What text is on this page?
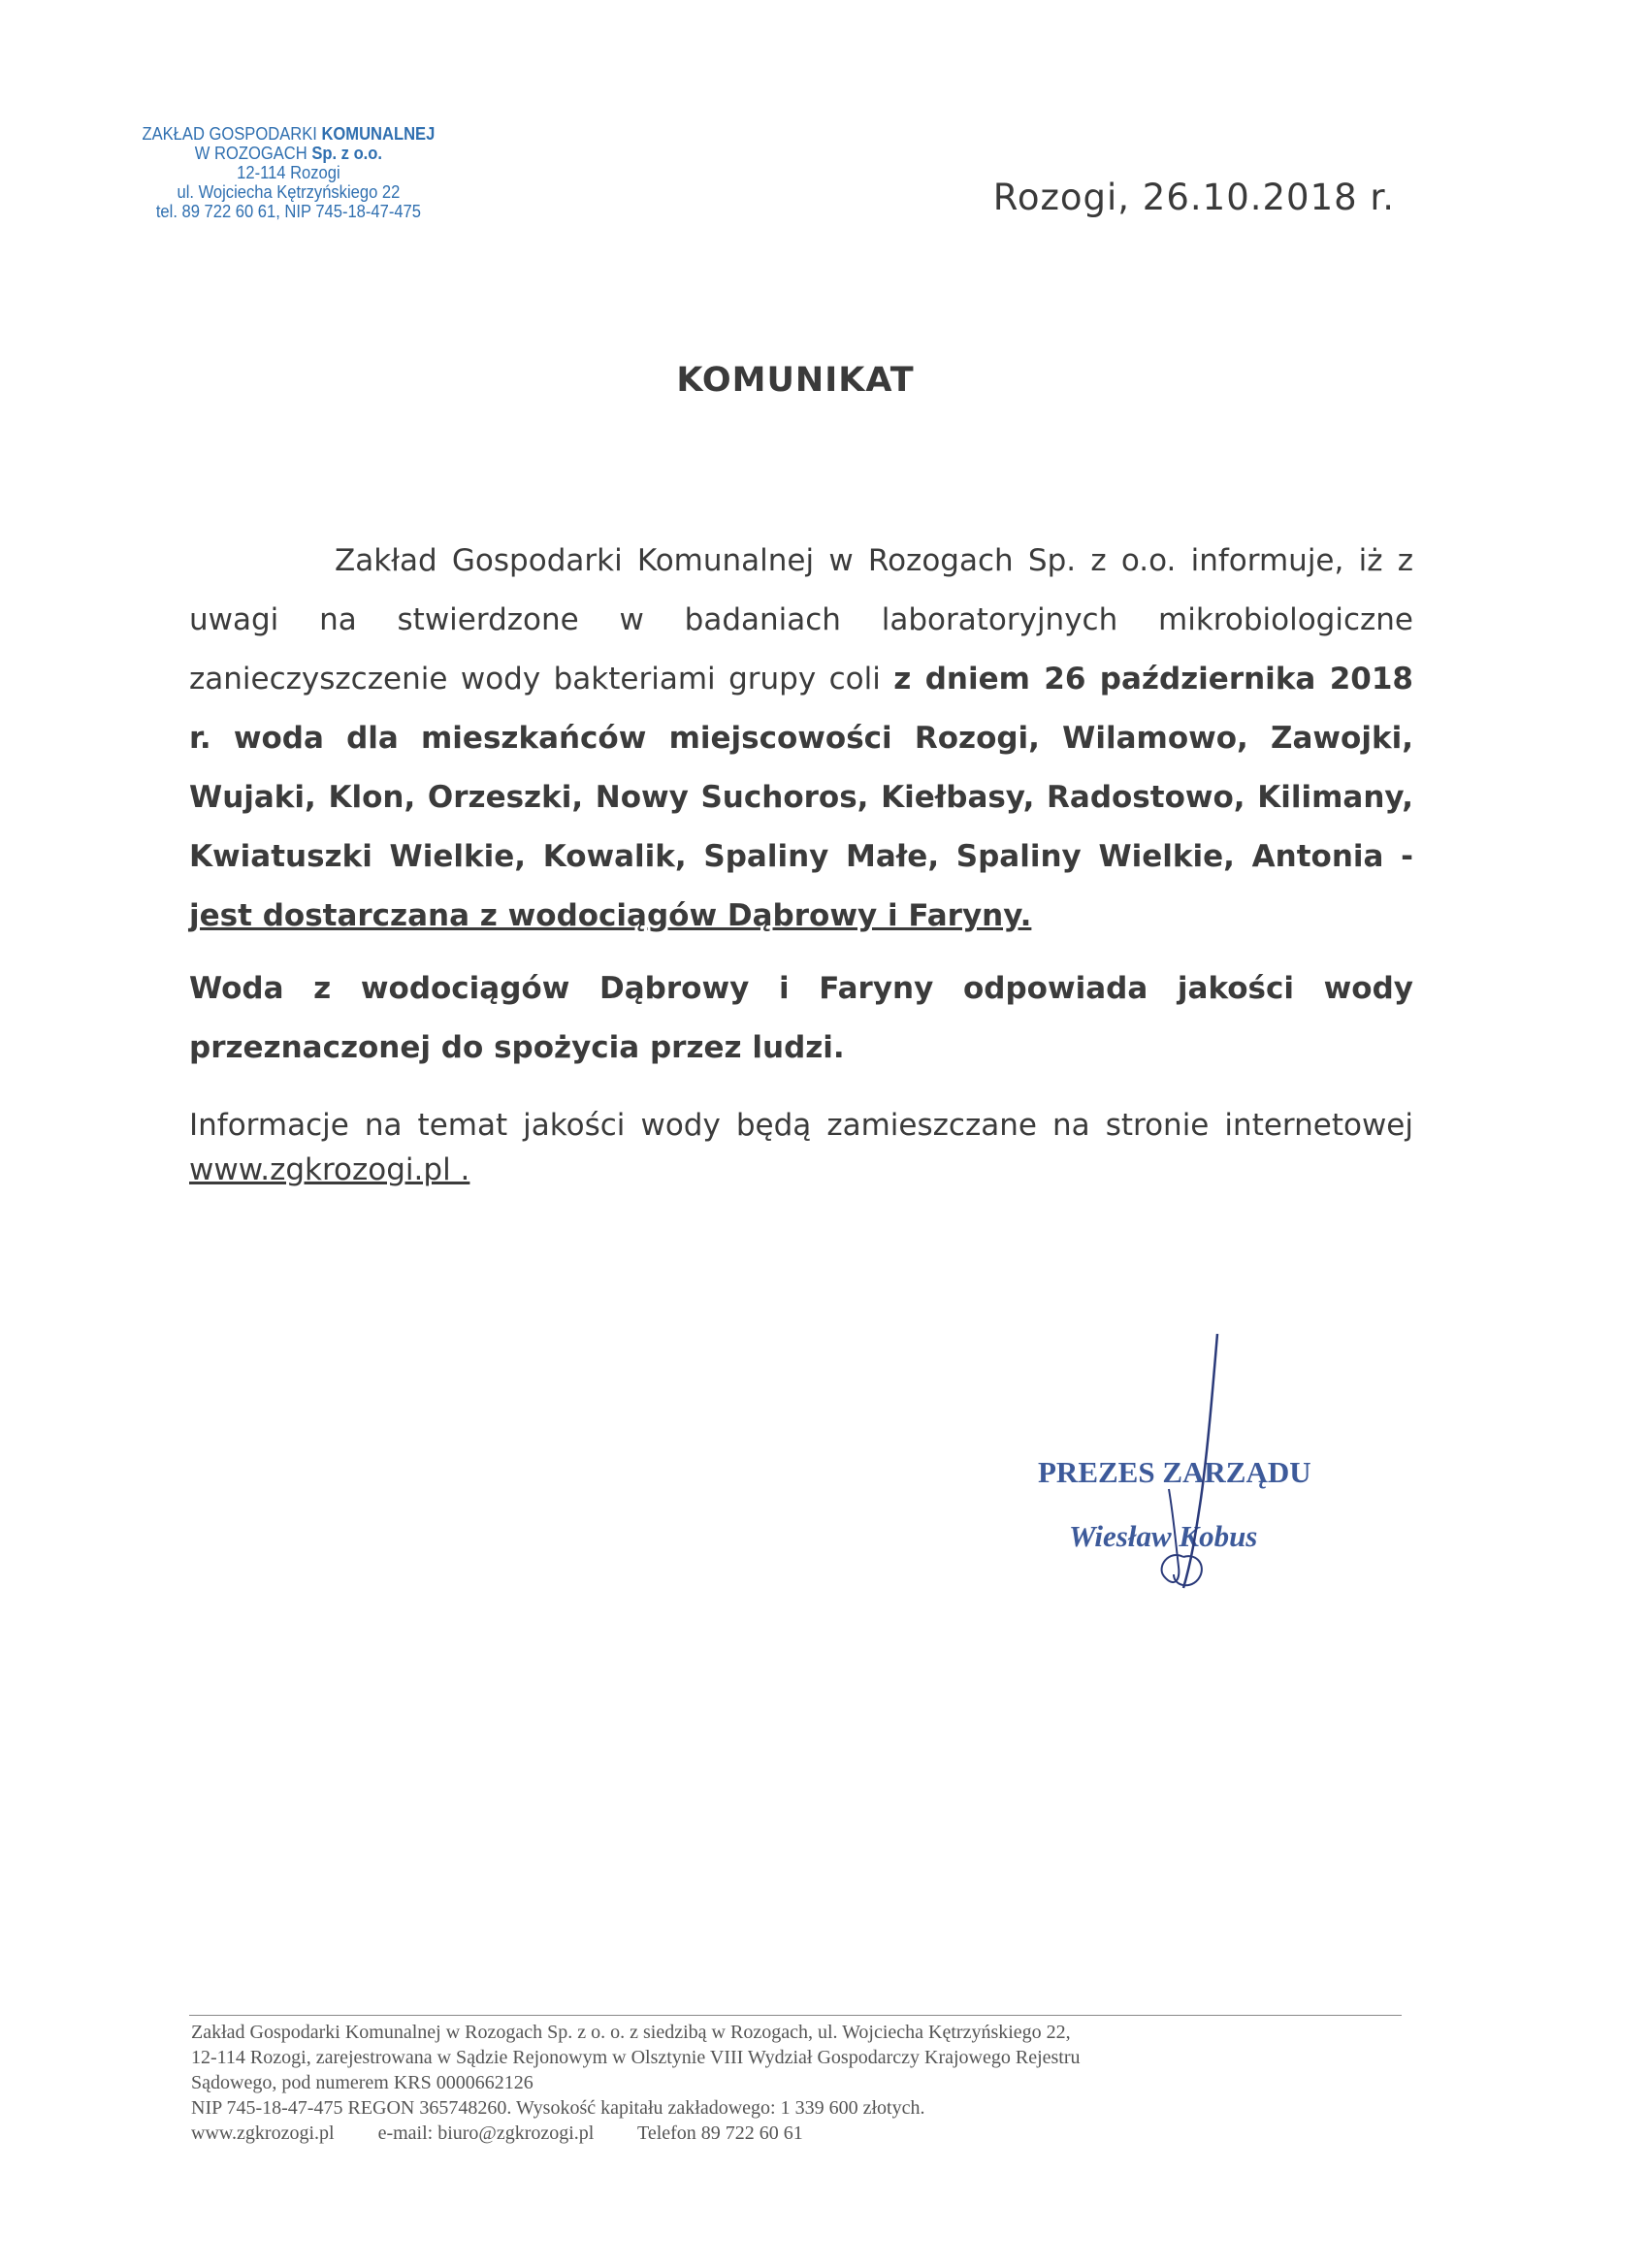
ZAKŁAD GOSPODARKI KOMUNALNEJ
W ROZOGACH Sp. z o.o.
12-114 Rozogi
ul. Wojciecha Kętrzyńskiego 22
tel. 89 722 60 61, NIP 745-18-47-475	Rozogi, 26.10.2018 r.
KOMUNIKAT

Zakład Gospodarki Komunalnej w Rozogach Sp. z o.o. informuje, iż z uwagi na stwierdzone w badaniach laboratoryjnych mikrobiologiczne zanieczyszczenie wody bakteriami grupy coli z dniem 26 października 2018 r. woda dla mieszkańców miejscowości Rozogi, Wilamowo, Zawojki, Wujaki, Klon, Orzeszki, Nowy Suchoros, Kiełbasy, Radostowo, Kilimany, Kwiatuszki Wielkie, Kowalik, Spaliny Małe, Spaliny Wielkie, Antonia - jest dostarczana z wodociągów Dąbrowy i Faryny.

Woda z wodociągów Dąbrowy i Faryny odpowiada jakości wody przeznaczonej do spożycia przez ludzi.

Informacje na temat jakości wody będą zamieszczane na stronie internetowej www.zgkrozogi.pl .

PREZES ZARZĄDU
Wiesław Kobus
Zakład Gospodarki Komunalnej w Rozogach Sp. z o. o. z siedzibą w Rozogach, ul. Wojciecha Kętrzyńskiego 22,
12-114 Rozogi, zarejestrowana w Sądzie Rejonowym w Olsztynie VIII Wydział Gospodarczy Krajowego Rejestru
Sądowego, pod numerem KRS 0000662126
NIP 745-18-47-475 REGON 365748260. Wysokość kapitału zakładowego: 1 339 600 złotych.
www.zgkrozogi.pl e-mail: biuro@zgkrozogi.pl Telefon 89 722 60 61
